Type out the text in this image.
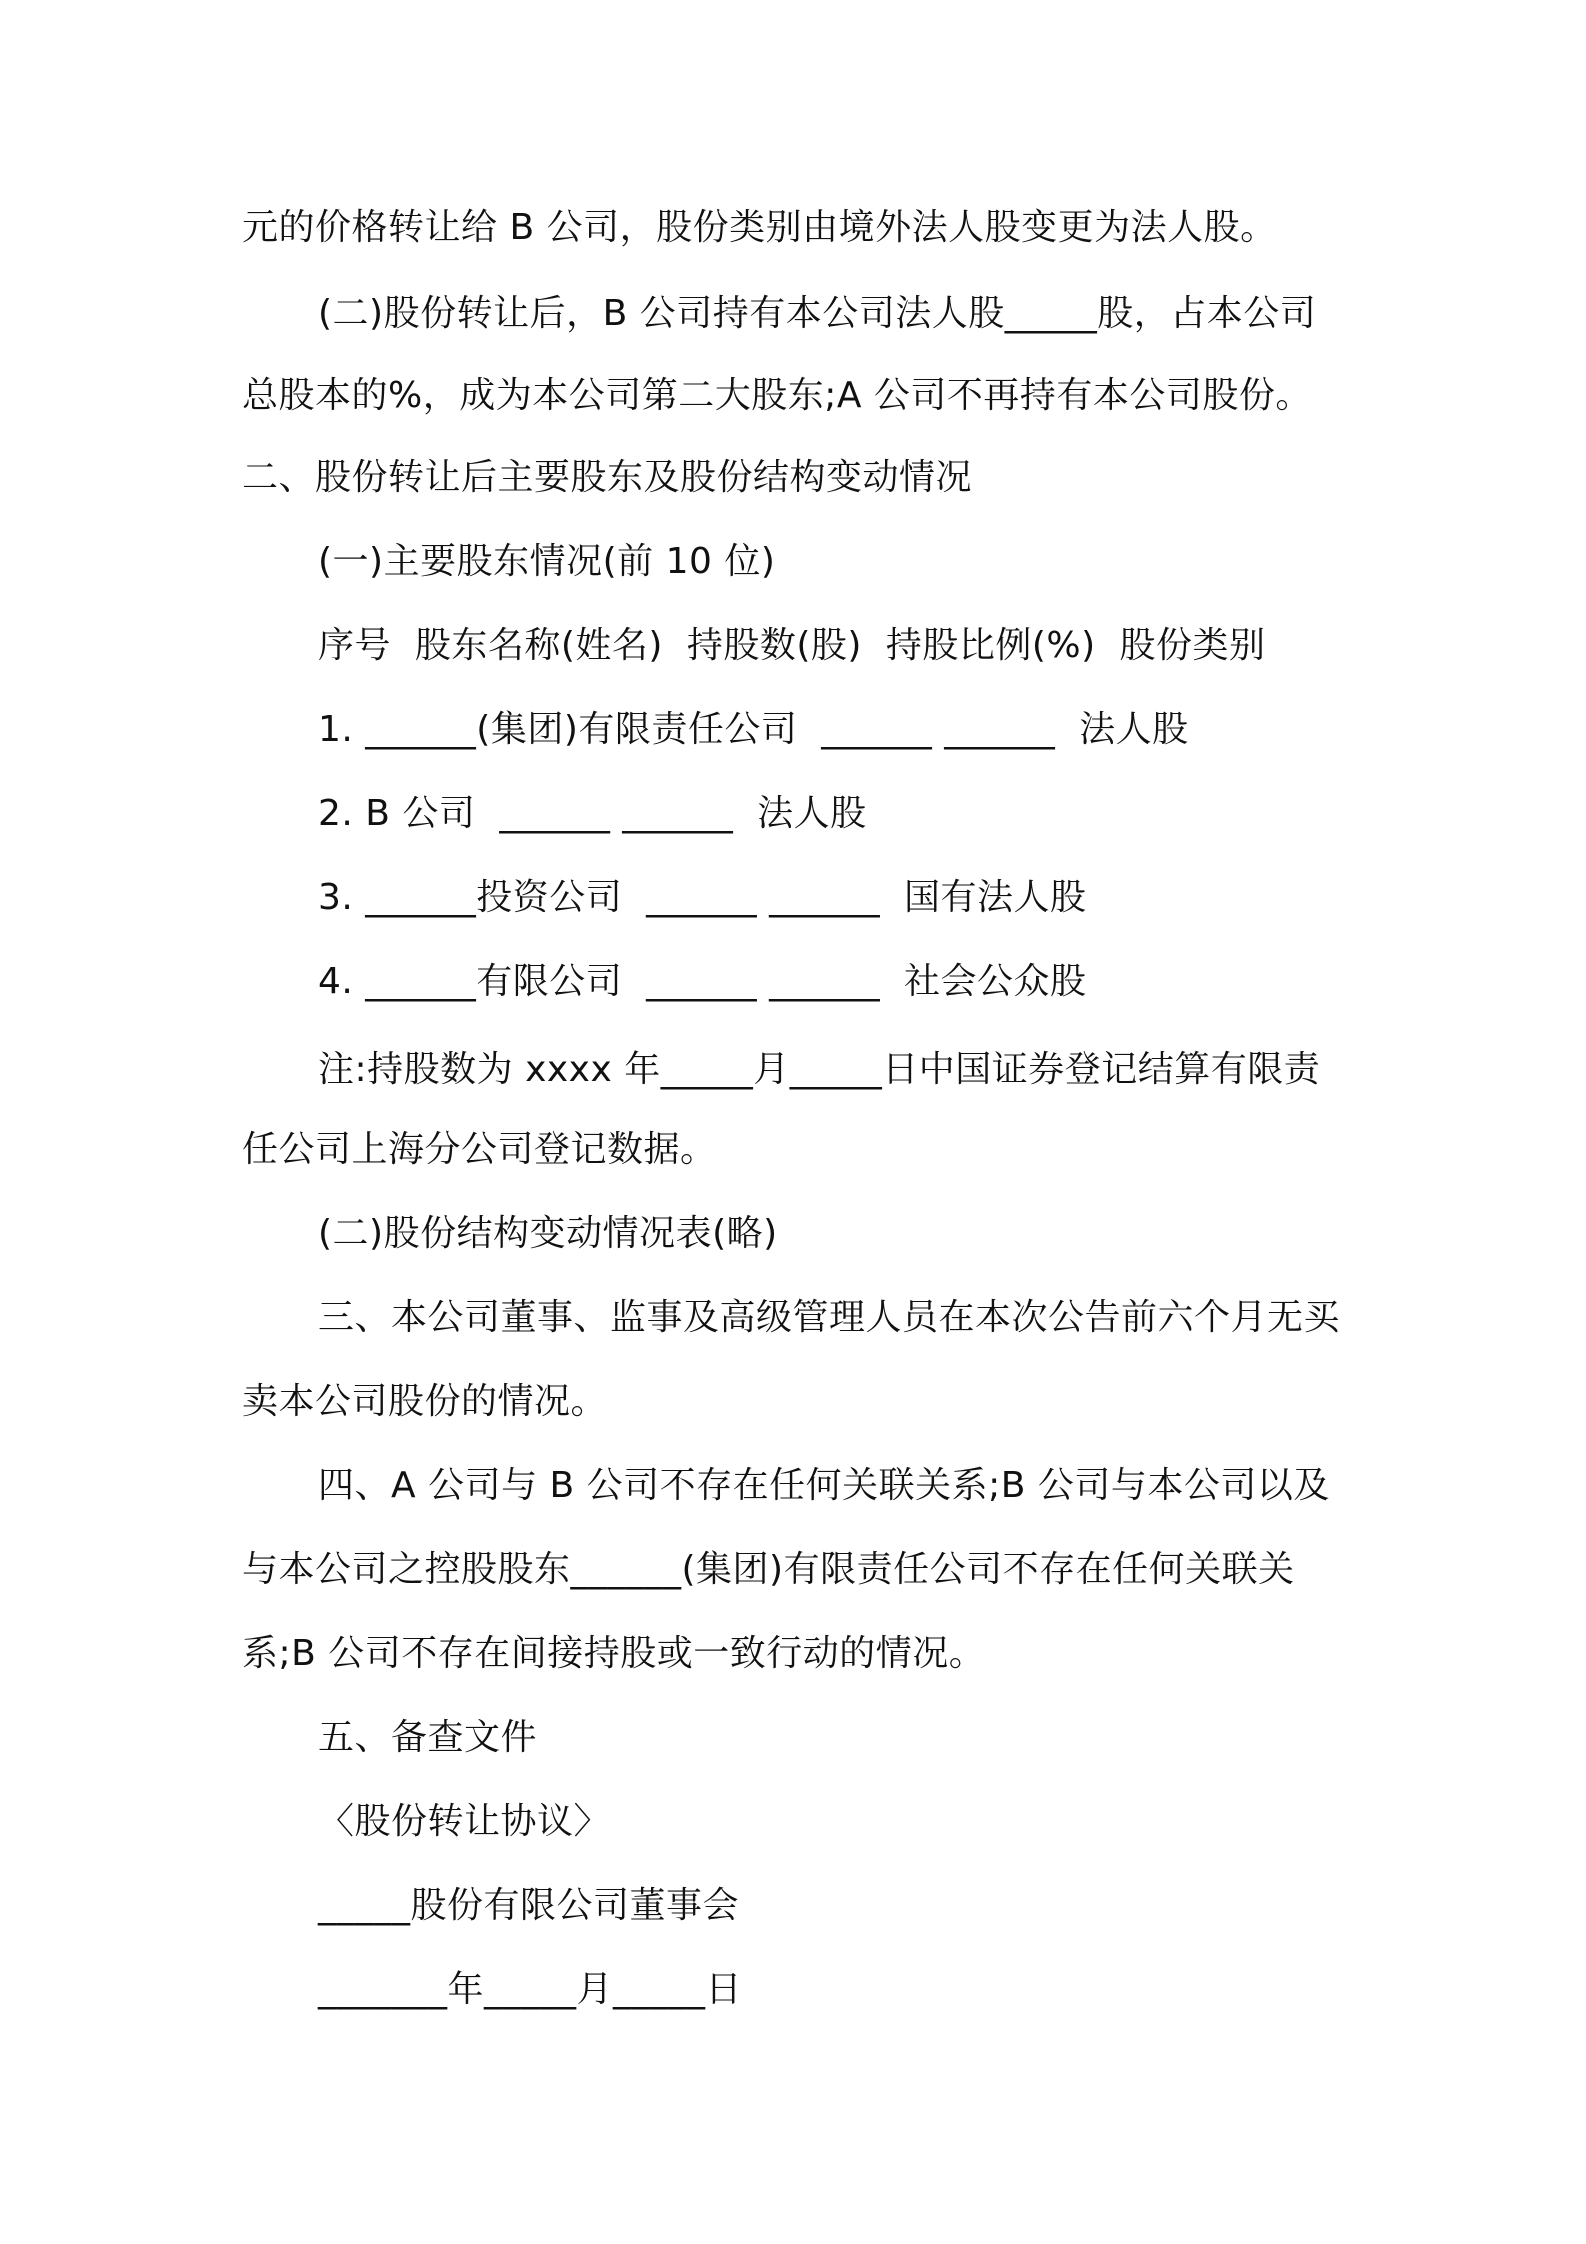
元的价格转让给 B 公司，股份类别由境外法人股变更为法人股。
(二)股份转让后，B 公司持有本公司法人股_____股，占本公司
总股本的%，成为本公司第二大股东;A 公司不再持有本公司股份。
二、股份转让后主要股东及股份结构变动情况
(一)主要股东情况(前 10 位)
序号  股东名称(姓名)  持股数(股)  持股比例(%)  股份类别
1. ______(集团)有限责任公司  ______ ______  法人股
2. B 公司  ______ ______  法人股
3. ______投资公司  ______ ______  国有法人股
4. ______有限公司  ______ ______  社会公众股
注:持股数为 xxxx 年_____月_____日中国证券登记结算有限责
任公司上海分公司登记数据。
(二)股份结构变动情况表(略)
三、本公司董事、监事及高级管理人员在本次公告前六个月无买
卖本公司股份的情况。
四、A 公司与 B 公司不存在任何关联关系;B 公司与本公司以及
与本公司之控股股东______(集团)有限责任公司不存在任何关联关
系;B 公司不存在间接持股或一致行动的情况。
五、备查文件
〈股份转让协议〉
_____股份有限公司董事会
_______年_____月_____日
